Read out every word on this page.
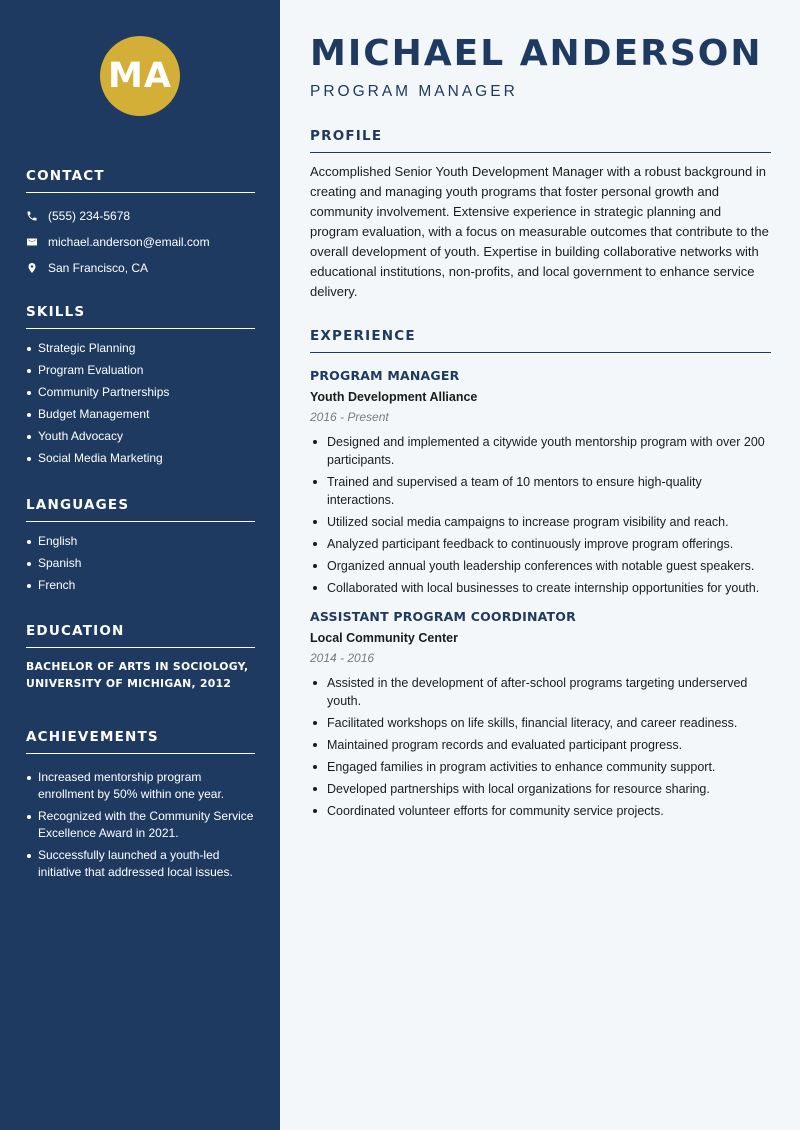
MA
CONTACT
(555) 234-5678
michael.anderson@email.com
San Francisco, CA
SKILLS
Strategic Planning
Program Evaluation
Community Partnerships
Budget Management
Youth Advocacy
Social Media Marketing
LANGUAGES
English
Spanish
French
EDUCATION
BACHELOR OF ARTS IN SOCIOLOGY,
UNIVERSITY OF MICHIGAN, 2012
ACHIEVEMENTS
Increased mentorship program enrollment by 50% within one year.
Recognized with the Community Service Excellence Award in 2021.
Successfully launched a youth-led initiative that addressed local issues.
MICHAEL ANDERSON
PROGRAM MANAGER
PROFILE

Accomplished Senior Youth Development Manager with a robust background in creating and managing youth programs that foster personal growth and community involvement. Extensive experience in strategic planning and program evaluation, with a focus on measurable outcomes that contribute to the overall development of youth. Expertise in building collaborative networks with educational institutions, non-profits, and local government to enhance service delivery.

EXPERIENCE
PROGRAM MANAGER
Youth Development Alliance
2016 - Present
Designed and implemented a citywide youth mentorship program with over 200 participants.
Trained and supervised a team of 10 mentors to ensure high-quality interactions.
Utilized social media campaigns to increase program visibility and reach.
Analyzed participant feedback to continuously improve program offerings.
Organized annual youth leadership conferences with notable guest speakers.
Collaborated with local businesses to create internship opportunities for youth.
ASSISTANT PROGRAM COORDINATOR
Local Community Center
2014 - 2016
Assisted in the development of after-school programs targeting underserved youth.
Facilitated workshops on life skills, financial literacy, and career readiness.
Maintained program records and evaluated participant progress.
Engaged families in program activities to enhance community support.
Developed partnerships with local organizations for resource sharing.
Coordinated volunteer efforts for community service projects.
